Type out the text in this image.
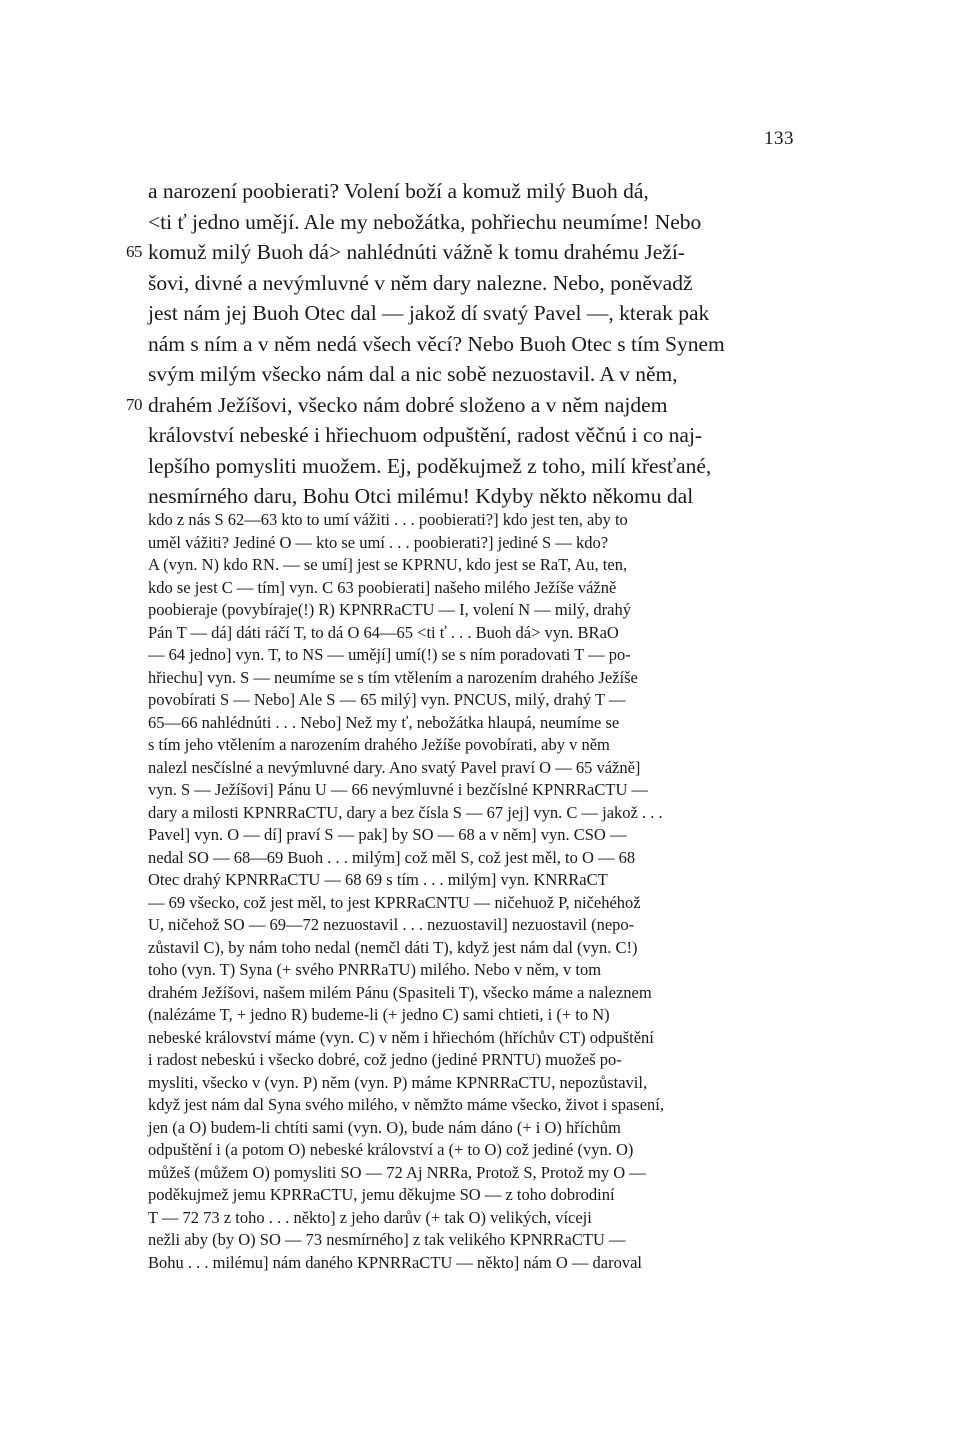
133
a narození poobierati? Volení boží a komuž milý Buoh dá,
<ti ť jedno umějí. Ale my nebožátka, pohřiechu neumíme! Nebo
65 komuž milý Buoh dá> nahlédnúti vážně k tomu drahému Ježí-
šovi, divné a nevýmluvné v něm dary nalezne. Nebo, poněvadž
jest nám jej Buoh Otec dal — jakož dí svatý Pavel —, kterak pak
nám s ním a v něm nedá všech věcí? Nebo Buoh Otec s tím Synem
svým milým všecko nám dal a nic sobě nezuostavil. A v něm,
70 drahém Ježíšovi, všecko nám dobré složeno a v něm najdem
království nebeské i hřiechuom odpuštění, radost věčnú i co naj-
lepšího pomysliti muožem. Ej, poděkujmež z toho, milí křesťané,
nesmírného daru, Bohu Otci milému! Kdyby někto někomu dal
kdo z nás S 62—63 kto to umí vážiti . . . poobierati?] kdo jest ten, aby to
uměl vážiti? Jediné O — kto se umí . . . poobierati?] jediné S — kdo?
A (vyn. N) kdo RN. — se umí] jest se KPRNU, kdo jest se RaT, Au, ten,
kdo se jest C — tím] vyn. C 63 poobierati] našeho milého Ježíše vážně
poobieraje (povybíraje(!) R) KPNRRaCTU — I, volení N — milý, drahý
Pán T — dá] dáti ráčí T, to dá O 64—65 <ti ť . . . Buoh dá> vyn. BRaO
— 64 jedno] vyn. T, to NS — umějí] umí(!) se s ním poradovati T — po-
hřiechu] vyn. S — neumíme se s tím vtělením a narozením drahého Ježíše
povobírati S — Nebo] Ale S — 65 milý] vyn. PNCUS, milý, drahý T —
65—66 nahlédnúti . . . Nebo] Než my ť, nebožátka hlaupá, neumíme se
s tím jeho vtělením a narozením drahého Ježíše povobírati, aby v něm
nalezl nesčíslné a nevýmluvné dary. Ano svatý Pavel praví O — 65 vážně]
vyn. S — Ježíšovi] Pánu U — 66 nevýmluvné i bezčíslné KPNRRaCTU —
dary a milosti KPNRRaCTU, dary a bez čísla S — 67 jej] vyn. C — jakož . . .
Pavel] vyn. O — dí] praví S — pak] by SO — 68 a v něm] vyn. CSO —
nedal SO — 68—69 Buoh . . . milým] což měl S, což jest měl, to O — 68
Otec drahý KPNRRaCTU — 68 69 s tím . . . milým] vyn. KNRRaCT
— 69 všecko, což jest měl, to jest KPRRaCNTU — ničehuož P, ničehéhož
U, ničehož SO — 69—72 nezuostavil . . . nezuostavil] nezuostavil (nepo-
zůstavil C), by nám toho nedal (nemčl dáti T), když jest nám dal (vyn. C!)
toho (vyn. T) Syna (+ svého PNRRaTU) milého. Nebo v něm, v tom
drahém Ježíšovi, našem milém Pánu (Spasiteli T), všecko máme a naleznem
(nalézáme T, + jedno R) budeme-li (+ jedno C) sami chtieti, i (+ to N)
nebeské království máme (vyn. C) v něm i hřiechóm (hříchův CT) odpuštění
i radost nebeskú i všecko dobré, což jedno (jediné PRNTU) muožeš po-
mysliti, všecko v (vyn. P) něm (vyn. P) máme KPNRRaCTU, nepozůstavil,
když jest nám dal Syna svého milého, v němžto máme všecko, život i spasení,
jen (a O) budem-li chtíti sami (vyn. O), bude nám dáno (+ i O) hříchům
odpuštění i (a potom O) nebeské království a (+ to O) což jediné (vyn. O)
můžeš (můžem O) pomysliti SO — 72 Aj NRRa, Protož S, Protož my O —
poděkujmež jemu KPRRaCTU, jemu děkujme SO — z toho dobrodiní
T — 72 73 z toho . . . někto] z jeho darův (+ tak O) velikých, víceji
nežli aby (by O) SO — 73 nesmírného] z tak velikého KPNRRaCTU —
Bohu . . . milému] nám daného KPNRRaCTU — někto] nám O — daroval
